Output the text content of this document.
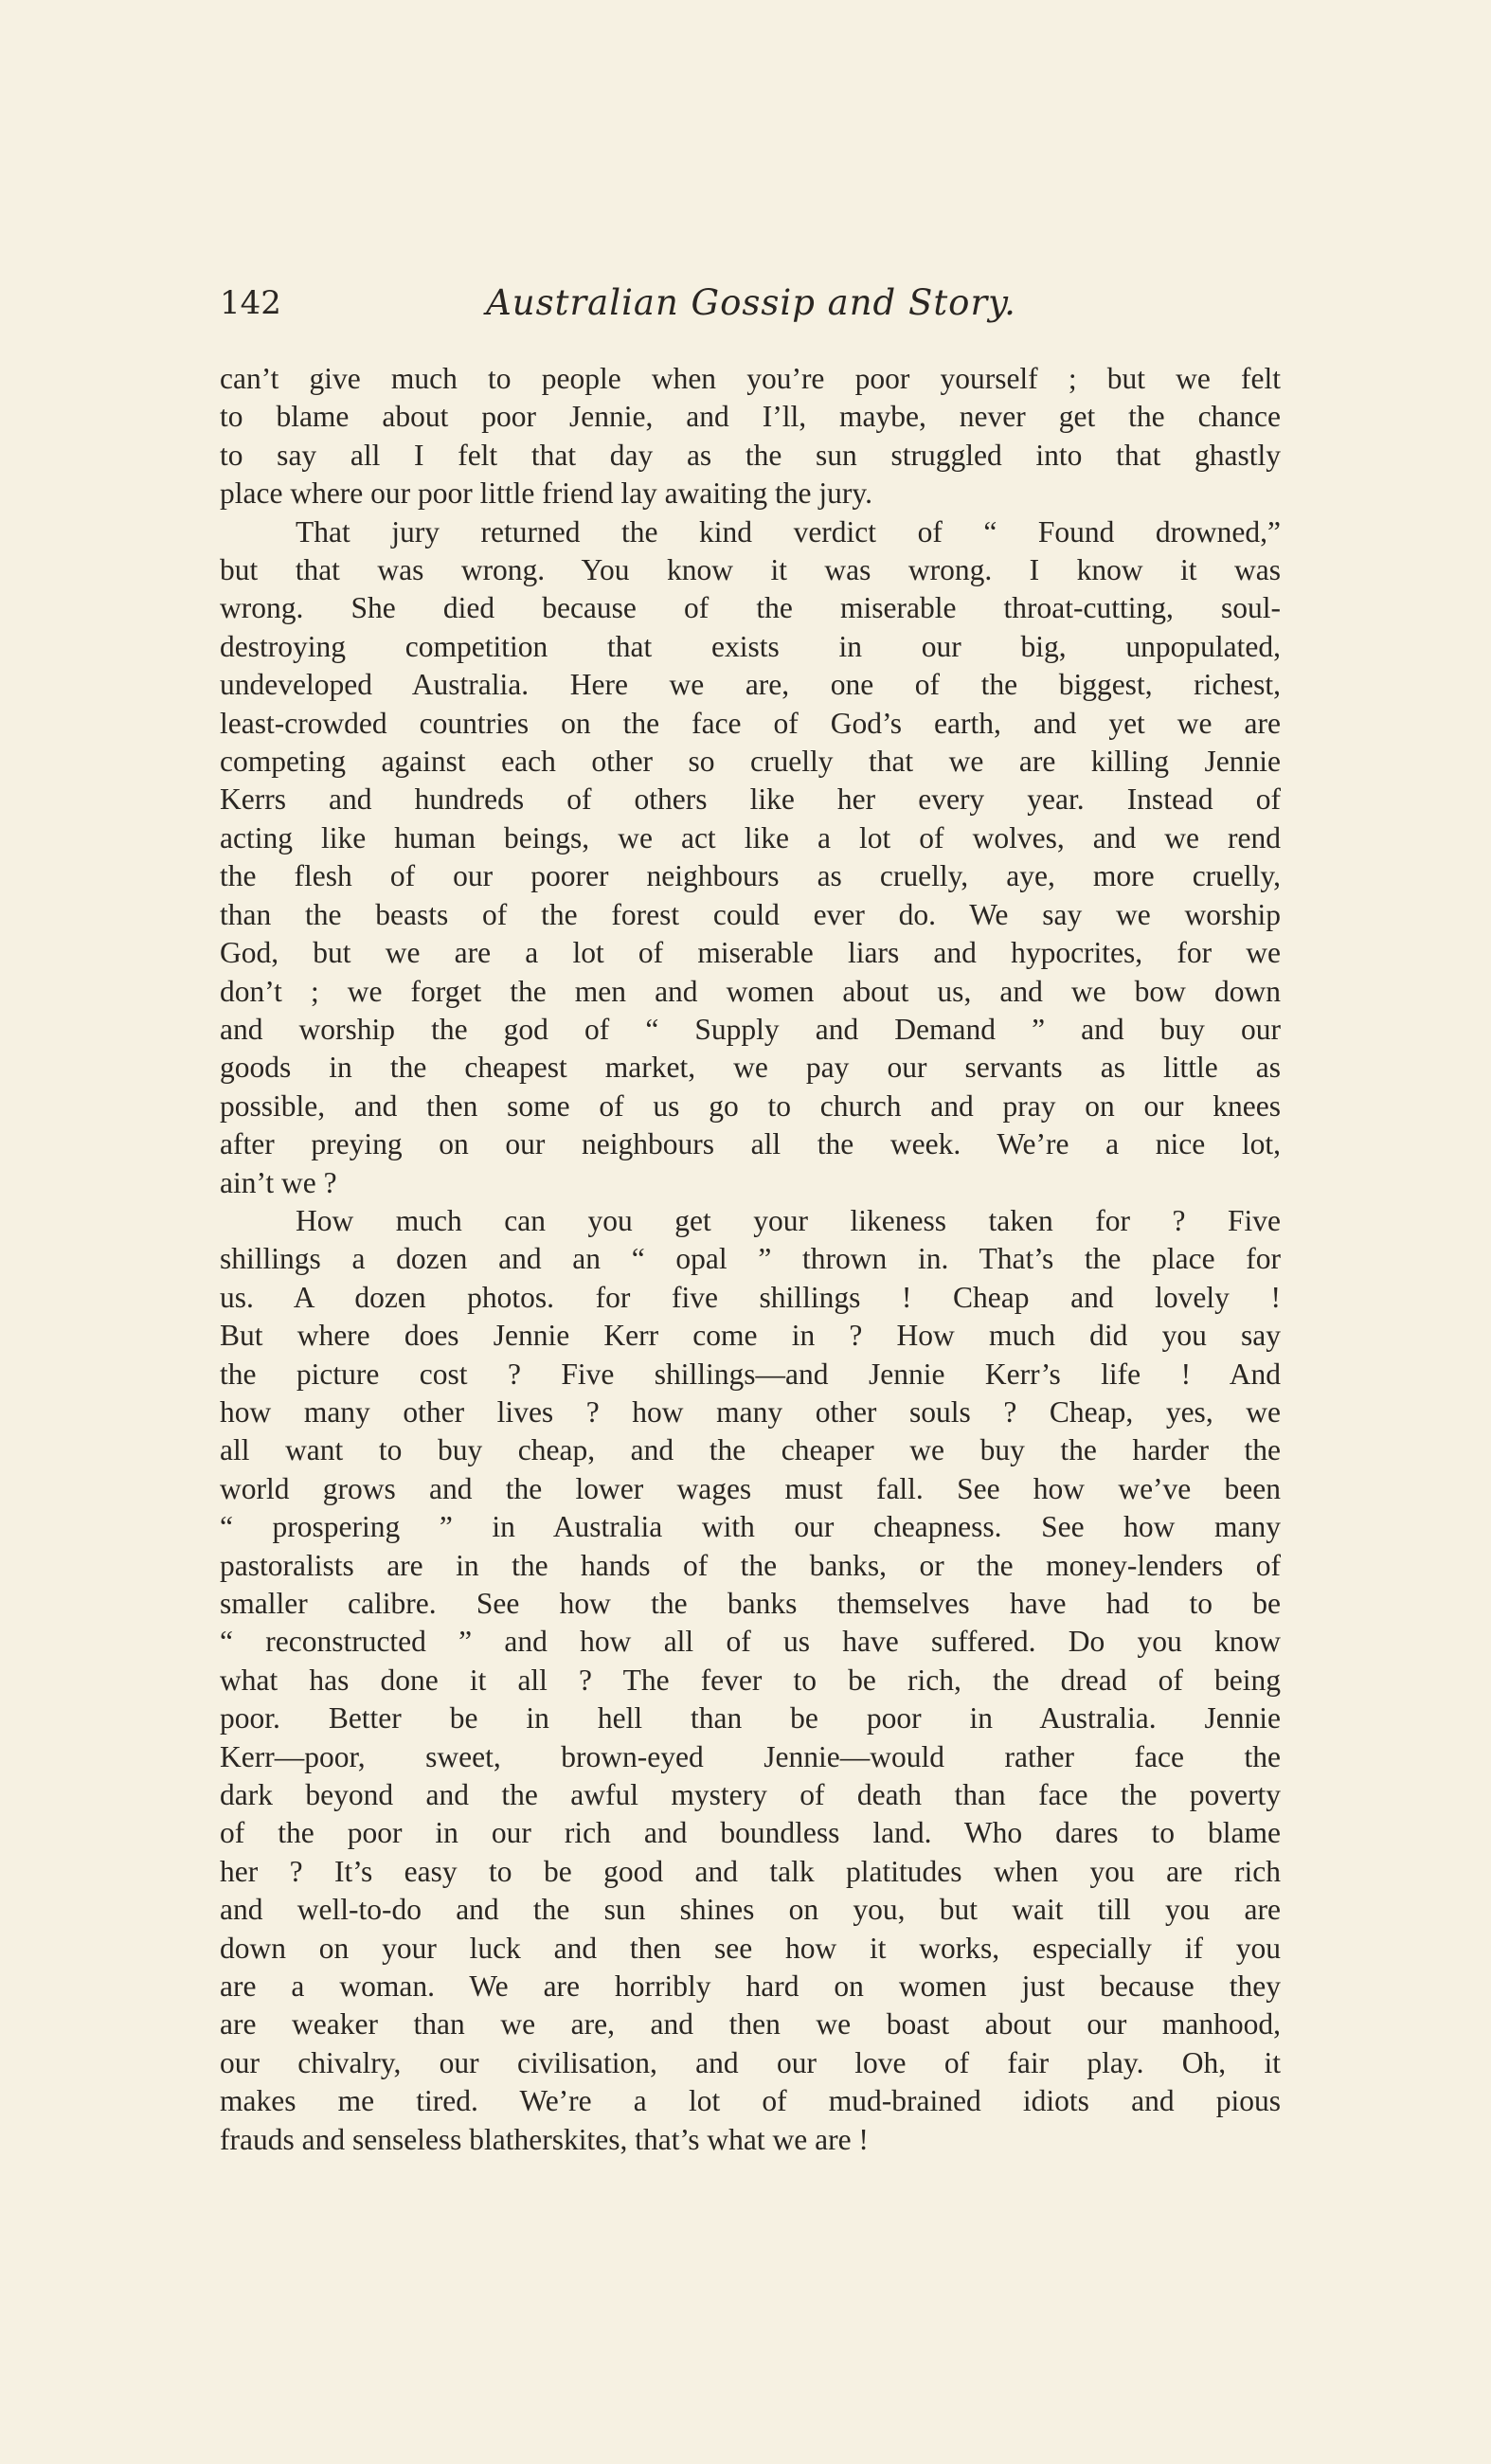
142	Australian Gossip and Story.
can’t give much to people when you’re poor yourself ; but we felt
to blame about poor Jennie, and I’ll, maybe, never get the chance
to say all I felt that day as the sun struggled into that ghastly
place where our poor little friend lay awaiting the jury.
That jury returned the kind verdict of “ Found drowned,”
but that was wrong. You know it was wrong. I know it was
wrong. She died because of the miserable throat-cutting, soul-
destroying competition that exists in our big, unpopulated,
undeveloped Australia. Here we are, one of the biggest, richest,
least-crowded countries on the face of God’s earth, and yet we are
competing against each other so cruelly that we are killing Jennie
Kerrs and hundreds of others like her every year. Instead of
acting like human beings, we act like a lot of wolves, and we rend
the flesh of our poorer neighbours as cruelly, aye, more cruelly,
than the beasts of the forest could ever do. We say we worship
God, but we are a lot of miserable liars and hypocrites, for we
don’t ; we forget the men and women about us, and we bow down
and worship the god of “ Supply and Demand ” and buy our
goods in the cheapest market, we pay our servants as little as
possible, and then some of us go to church and pray on our knees
after preying on our neighbours all the week. We’re a nice lot,
ain’t we ?
How much can you get your likeness taken for ? Five
shillings a dozen and an “ opal ” thrown in. That’s the place for
us. A dozen photos. for five shillings ! Cheap and lovely !
But where does Jennie Kerr come in ? How much did you say
the picture cost ? Five shillings—and Jennie Kerr’s life ! And
how many other lives ? how many other souls ? Cheap, yes, we
all want to buy cheap, and the cheaper we buy the harder the
world grows and the lower wages must fall. See how we’ve been
“ prospering ” in Australia with our cheapness. See how many
pastoralists are in the hands of the banks, or the money-lenders of
smaller calibre. See how the banks themselves have had to be
“ reconstructed ” and how all of us have suffered. Do you know
what has done it all ? The fever to be rich, the dread of being
poor. Better be in hell than be poor in Australia. Jennie
Kerr—poor, sweet, brown-eyed Jennie—would rather face the
dark beyond and the awful mystery of death than face the poverty
of the poor in our rich and boundless land. Who dares to blame
her ? It’s easy to be good and talk platitudes when you are rich
and well-to-do and the sun shines on you, but wait till you are
down on your luck and then see how it works, especially if you
are a woman. We are horribly hard on women just because they
are weaker than we are, and then we boast about our manhood,
our chivalry, our civilisation, and our love of fair play. Oh, it
makes me tired. We’re a lot of mud-brained idiots and pious
frauds and senseless blatherskites, that’s what we are !
